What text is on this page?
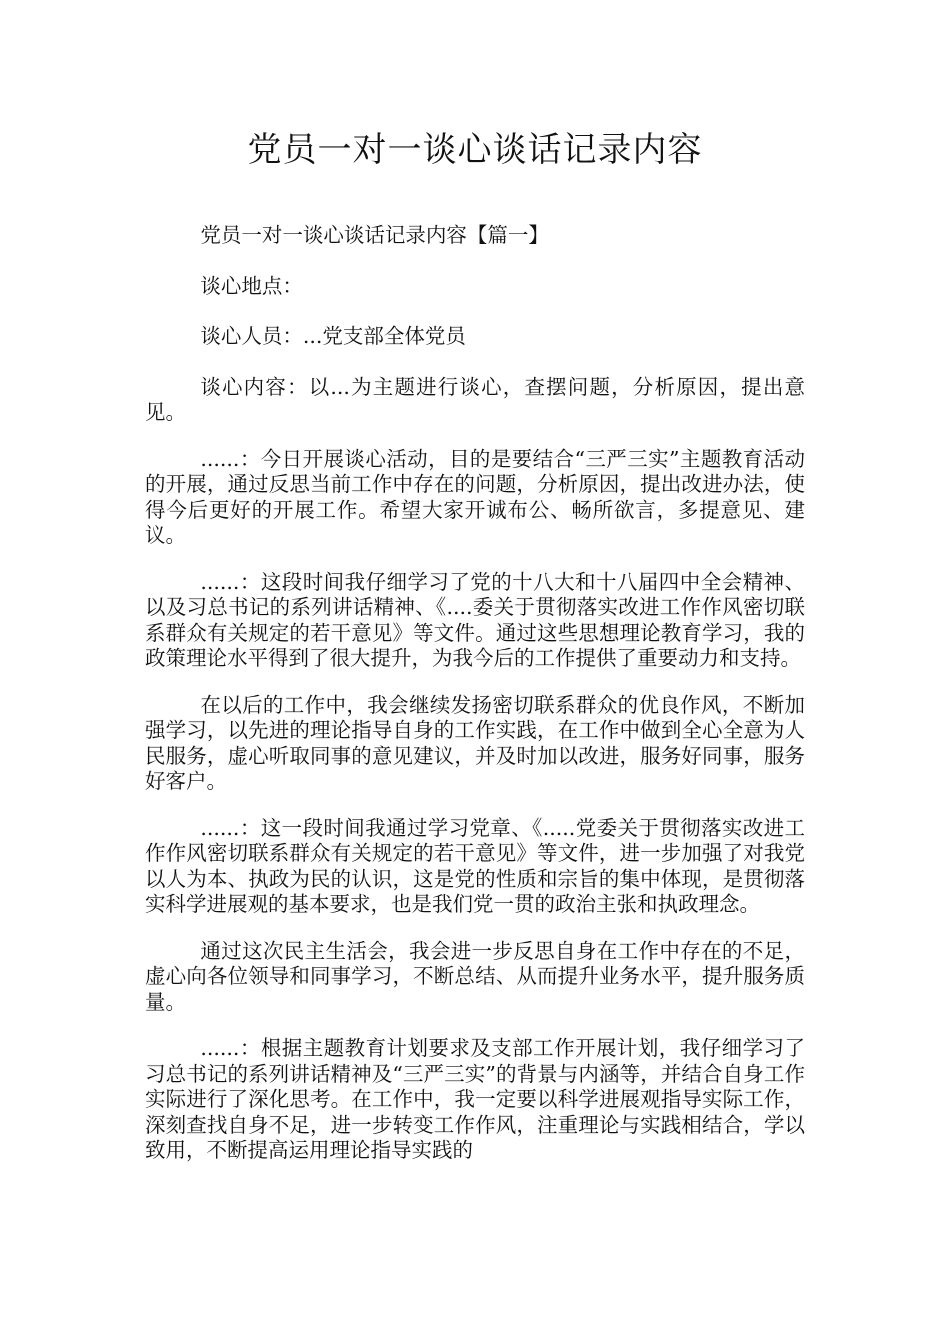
党员一对一谈心谈话记录内容

党员一对一谈心谈话记录内容【篇一】

谈心地点：

谈心人员：...党支部全体党员

谈心内容：以...为主题进行谈心，查摆问题，分析原因，提出意见。

......：今日开展谈心活动，目的是要结合“三严三实”主题教育活动的开展，通过反思当前工作中存在的问题，分析原因，提出改进办法，使得今后更好的开展工作。希望大家开诚布公、畅所欲言，多提意见、建议。

......：这段时间我仔细学习了党的十八大和十八届四中全会精神、以及习总书记的系列讲话精神、《....委关于贯彻落实改进工作作风密切联系群众有关规定的若干意见》等文件。通过这些思想理论教育学习，我的政策理论水平得到了很大提升，为我今后的工作提供了重要动力和支持。

在以后的工作中，我会继续发扬密切联系群众的优良作风，不断加强学习，以先进的理论指导自身的工作实践，在工作中做到全心全意为人民服务，虚心听取同事的意见建议，并及时加以改进，服务好同事，服务好客户。

......：这一段时间我通过学习党章、《.....党委关于贯彻落实改进工作作风密切联系群众有关规定的若干意见》等文件，进一步加强了对我党以人为本、执政为民的认识，这是党的性质和宗旨的集中体现，是贯彻落实科学进展观的基本要求，也是我们党一贯的政治主张和执政理念。

通过这次民主生活会，我会进一步反思自身在工作中存在的不足，虚心向各位领导和同事学习，不断总结、从而提升业务水平，提升服务质量。

......：根据主题教育计划要求及支部工作开展计划，我仔细学习了习总书记的系列讲话精神及“三严三实”的背景与内涵等，并结合自身工作实际进行了深化思考。在工作中，我一定要以科学进展观指导实际工作，深刻查找自身不足，进一步转变工作作风，注重理论与实践相结合，学以致用，不断提高运用理论指导实践的
